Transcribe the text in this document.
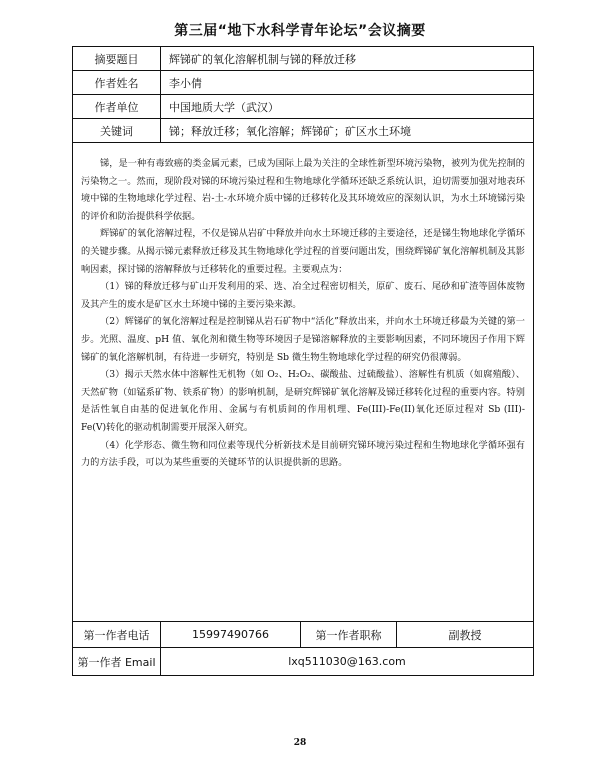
第三届“地下水科学青年论坛”会议摘要
摘要题目	辉锑矿的氧化溶解机制与锑的释放迁移
作者姓名	李小倩
作者单位	中国地质大学（武汉）
关键词	锑；释放迁移；氧化溶解；辉锑矿；矿区水土环境

锑，是一种有毒致癌的类金属元素，已成为国际上最为关注的全球性新型环境污染物，被列为优先控制的污染物之一。然而，现阶段对锑的环境污染过程和生物地球化学循环还缺乏系统认识，迫切需要加强对地表环境中锑的生物地球化学过程、岩-土-水环境介质中锑的迁移转化及其环境效应的深刻认识，为水土环境锑污染的评价和防治提供科学依据。

辉锑矿的氧化溶解过程，不仅是锑从岩矿中释放并向水土环境迁移的主要途径，还是锑生物地球化学循环的关键步骤。从揭示锑元素释放迁移及其生物地球化学过程的首要问题出发，围绕辉锑矿氧化溶解机制及其影响因素，探讨锑的溶解释放与迁移转化的重要过程。主要观点为：

（1）锑的释放迁移与矿山开发利用的采、选、冶全过程密切相关，原矿、废石、尾砂和矿渣等固体废物及其产生的废水是矿区水土环境中锑的主要污染来源。

（2）辉锑矿的氧化溶解过程是控制锑从岩石矿物中“活化”释放出来，并向水土环境迁移最为关键的第一步。光照、温度、pH 值、氧化剂和微生物等环境因子是锑溶解释放的主要影响因素，不同环境因子作用下辉锑矿的氧化溶解机制，有待进一步研究，特别是 Sb 微生物生物地球化学过程的研究仍很薄弱。

（3）揭示天然水体中溶解性无机物（如 O₂、H₂O₂、碳酸盐、过硫酸盐）、溶解性有机质（如腐殖酸）、天然矿物（如锰系矿物、铁系矿物）的影响机制，是研究辉锑矿氧化溶解及锑迁移转化过程的重要内容。特别是活性氧自由基的促进氧化作用、金属与有机质间的作用机理、Fe(III)-Fe(II)氧化还原过程对 Sb (III)-Fe(V)转化的驱动机制需要开展深入研究。

（4）化学形态、微生物和同位素等现代分析新技术是目前研究锑环境污染过程和生物地球化学循环强有力的方法手段，可以为某些重要的关键环节的认识提供新的思路。

第一作者电话	15997490766	第一作者职称	副教授
第一作者 Email	lxq511030@163.com
28
